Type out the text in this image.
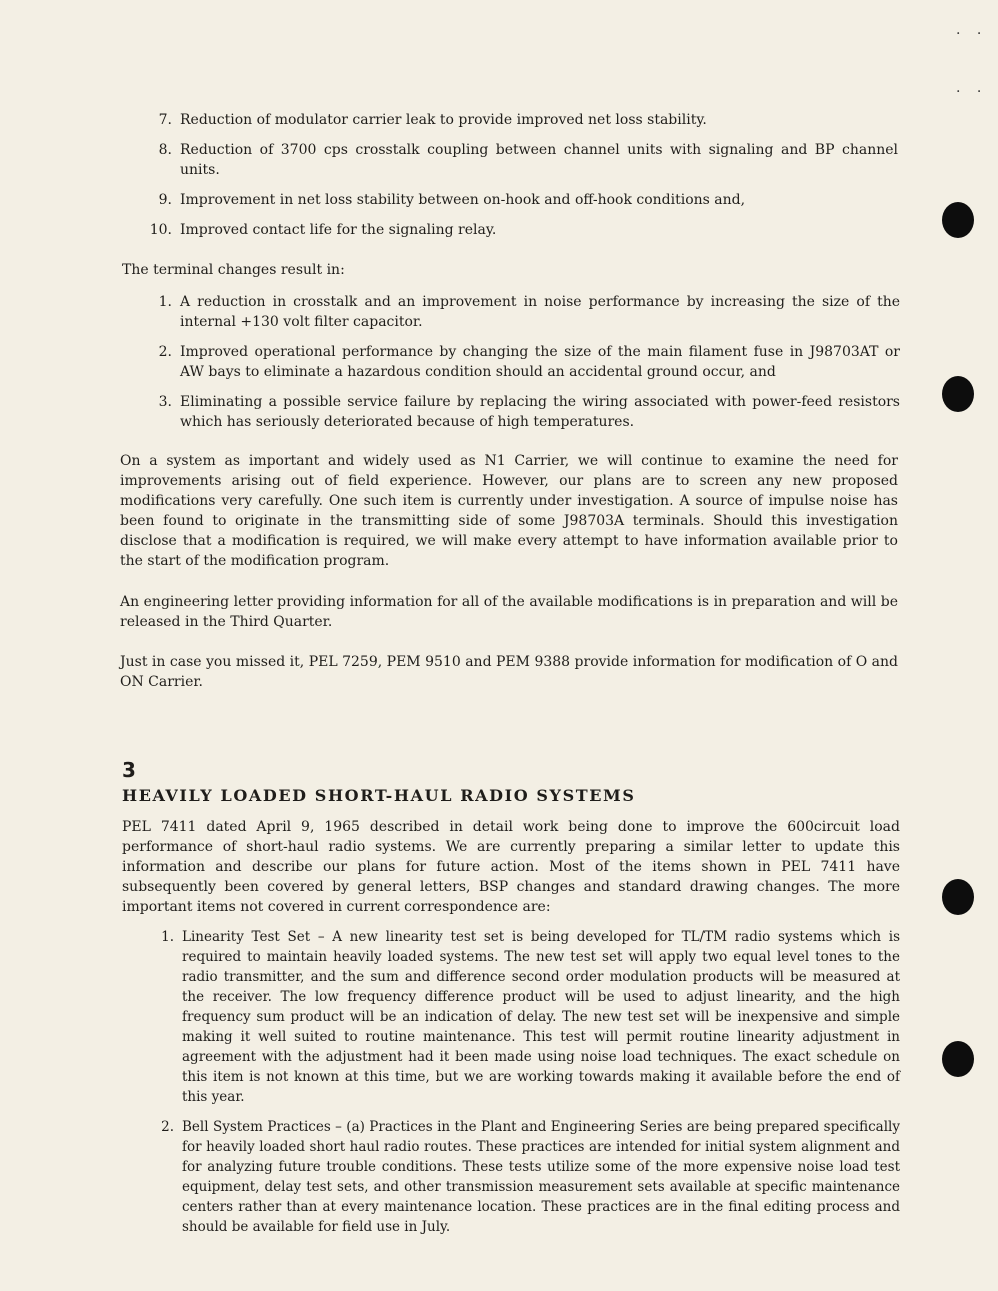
. .
. .
7. Reduction of modulator carrier leak to provide improved net loss stability.
8. Reduction of 3700 cps crosstalk coupling between channel units with signaling and BP channel units.
9. Improvement in net loss stability between on-hook and off-hook conditions and,
10. Improved contact life for the signaling relay.

The terminal changes result in:

1. A reduction in crosstalk and an improvement in noise performance by increasing the size of the internal +130 volt filter capacitor.
2. Improved operational performance by changing the size of the main filament fuse in J98703AT or AW bays to eliminate a hazardous condition should an accidental ground occur, and
3. Eliminating a possible service failure by replacing the wiring associated with power-feed resistors which has seriously deteriorated because of high temperatures.

On a system as important and widely used as N1 Carrier, we will continue to examine the need for improvements arising out of field experience. However, our plans are to screen any new proposed modifications very carefully. One such item is currently under investigation. A source of impulse noise has been found to originate in the transmitting side of some J98703A terminals. Should this investigation disclose that a modification is required, we will make every attempt to have information available prior to the start of the modification program.

An engineering letter providing information for all of the available modifications is in preparation and will be released in the Third Quarter.

Just in case you missed it, PEL 7259, PEM 9510 and PEM 9388 provide information for modification of O and ON Carrier.

3
HEAVILY LOADED SHORT-HAUL RADIO SYSTEMS

PEL 7411 dated April 9, 1965 described in detail work being done to improve the 600circuit load performance of short-haul radio systems. We are currently preparing a similar letter to update this information and describe our plans for future action. Most of the items shown in PEL 7411 have subsequently been covered by general letters, BSP changes and standard drawing changes. The more important items not covered in current correspondence are:

1. Linearity Test Set – A new linearity test set is being developed for TL/TM radio systems which is required to maintain heavily loaded systems. The new test set will apply two equal level tones to the radio transmitter, and the sum and difference second order modulation products will be measured at the receiver. The low frequency difference product will be used to adjust linearity, and the high frequency sum product will be an indication of delay. The new test set will be inexpensive and simple making it well suited to routine maintenance. This test will permit routine linearity adjustment in agreement with the adjustment had it been made using noise load techniques. The exact schedule on this item is not known at this time, but we are working towards making it available before the end of this year.
2. Bell System Practices – (a) Practices in the Plant and Engineering Series are being prepared specifically for heavily loaded short haul radio routes. These practices are intended for initial system alignment and for analyzing future trouble conditions. These tests utilize some of the more expensive noise load test equipment, delay test sets, and other transmission measurement sets available at specific maintenance centers rather than at every maintenance location. These practices are in the final editing process and should be available for field use in July.
